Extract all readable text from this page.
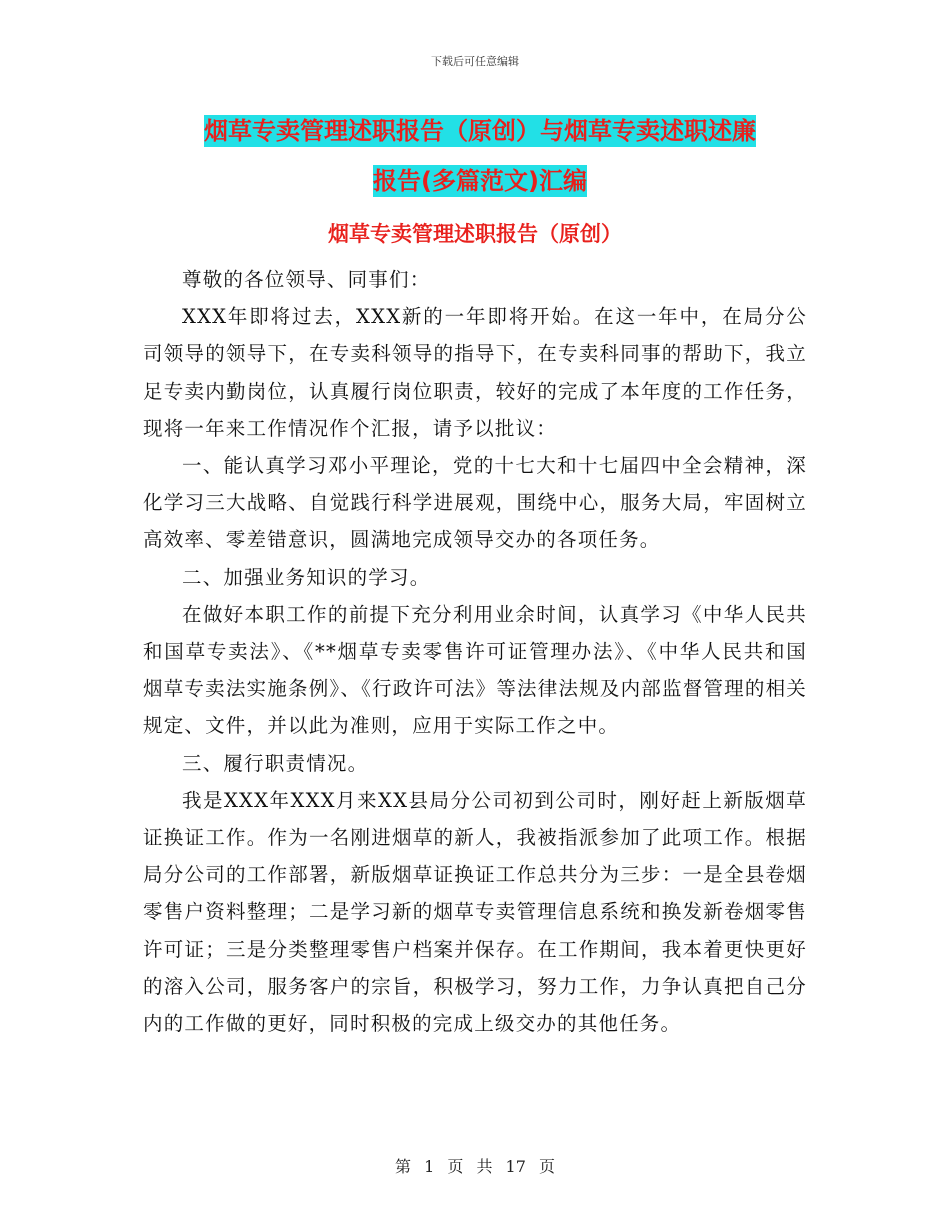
下载后可任意编辑
烟草专卖管理述职报告（原创）与烟草专卖述职述廉
报告(多篇范文)汇编
烟草专卖管理述职报告（原创）

尊敬的各位领导、同事们：

XXX年即将过去，XXX新的一年即将开始。在这一年中，在局分公司领导的领导下，在专卖科领导的指导下，在专卖科同事的帮助下，我立足专卖内勤岗位，认真履行岗位职责，较好的完成了本年度的工作任务，现将一年来工作情况作个汇报，请予以批议：

一、能认真学习邓小平理论，党的十七大和十七届四中全会精神，深化学习三大战略、自觉践行科学进展观，围绕中心，服务大局，牢固树立高效率、零差错意识，圆满地完成领导交办的各项任务。

二、加强业务知识的学习。

在做好本职工作的前提下充分利用业余时间，认真学习《中华人民共和国草专卖法》、《**烟草专卖零售许可证管理办法》、《中华人民共和国烟草专卖法实施条例》、《行政许可法》等法律法规及内部监督管理的相关规定、文件，并以此为准则，应用于实际工作之中。

三、履行职责情况。

我是XXX年XXX月来XX县局分公司初到公司时，刚好赶上新版烟草证换证工作。作为一名刚进烟草的新人，我被指派参加了此项工作。根据局分公司的工作部署，新版烟草证换证工作总共分为三步：一是全县卷烟零售户资料整理；二是学习新的烟草专卖管理信息系统和换发新卷烟零售许可证；三是分类整理零售户档案并保存。在工作期间，我本着更快更好的溶入公司，服务客户的宗旨，积极学习，努力工作，力争认真把自己分内的工作做的更好，同时积极的完成上级交办的其他任务。

第 1 页 共 17 页
